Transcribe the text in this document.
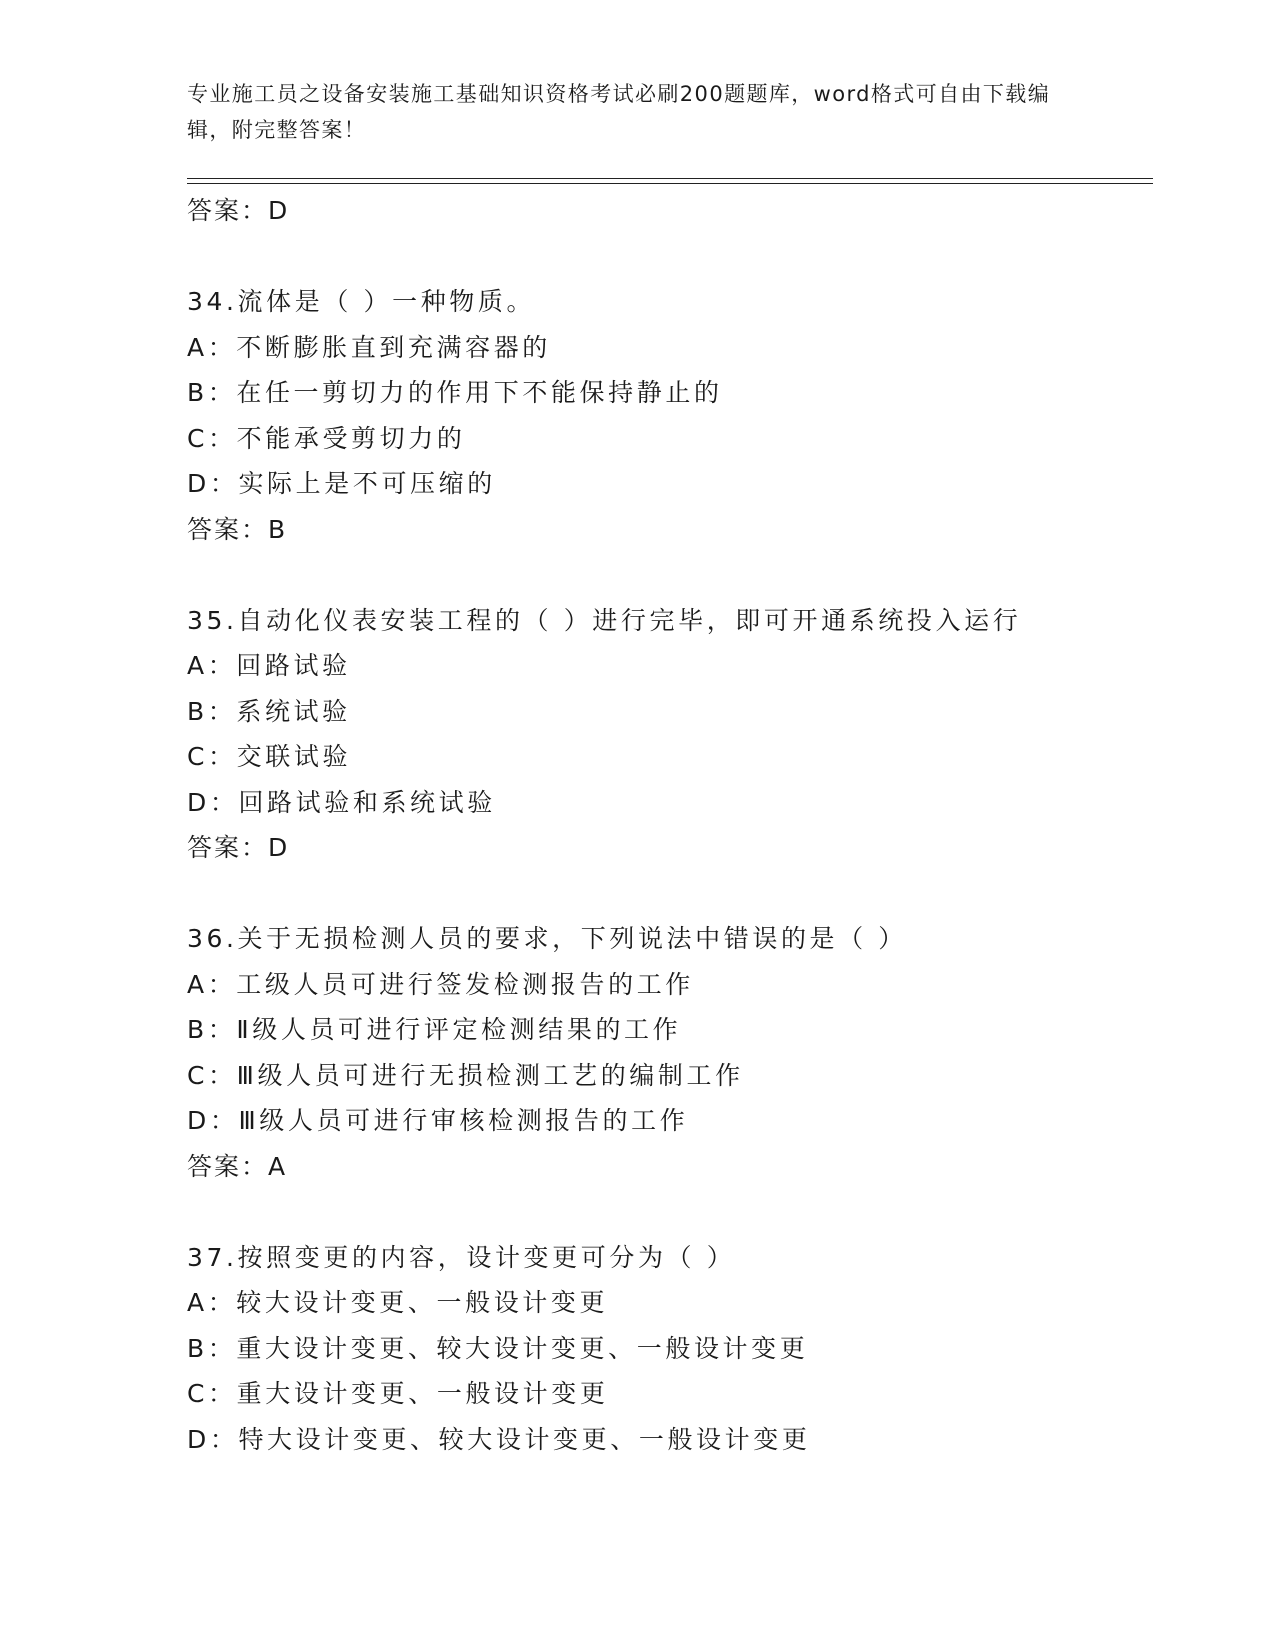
专业施工员之设备安装施工基础知识资格考试必刷200题题库，word格式可自由下载编辑，附完整答案！
答案：D
34.流体是（ ）一种物质。
A：不断膨胀直到充满容器的
B：在任一剪切力的作用下不能保持静止的
C：不能承受剪切力的
D：实际上是不可压缩的
答案：B
35.自动化仪表安装工程的（ ）进行完毕，即可开通系统投入运行
A：回路试验
B：系统试验
C：交联试验
D：回路试验和系统试验
答案：D
36.关于无损检测人员的要求，下列说法中错误的是（ ）
A：工级人员可进行签发检测报告的工作
B：Ⅱ级人员可进行评定检测结果的工作
C：Ⅲ级人员可进行无损检测工艺的编制工作
D：Ⅲ级人员可进行审核检测报告的工作
答案：A
37.按照变更的内容，设计变更可分为（ ）
A：较大设计变更、一般设计变更
B：重大设计变更、较大设计变更、一般设计变更
C：重大设计变更、一般设计变更
D：特大设计变更、较大设计变更、一般设计变更
